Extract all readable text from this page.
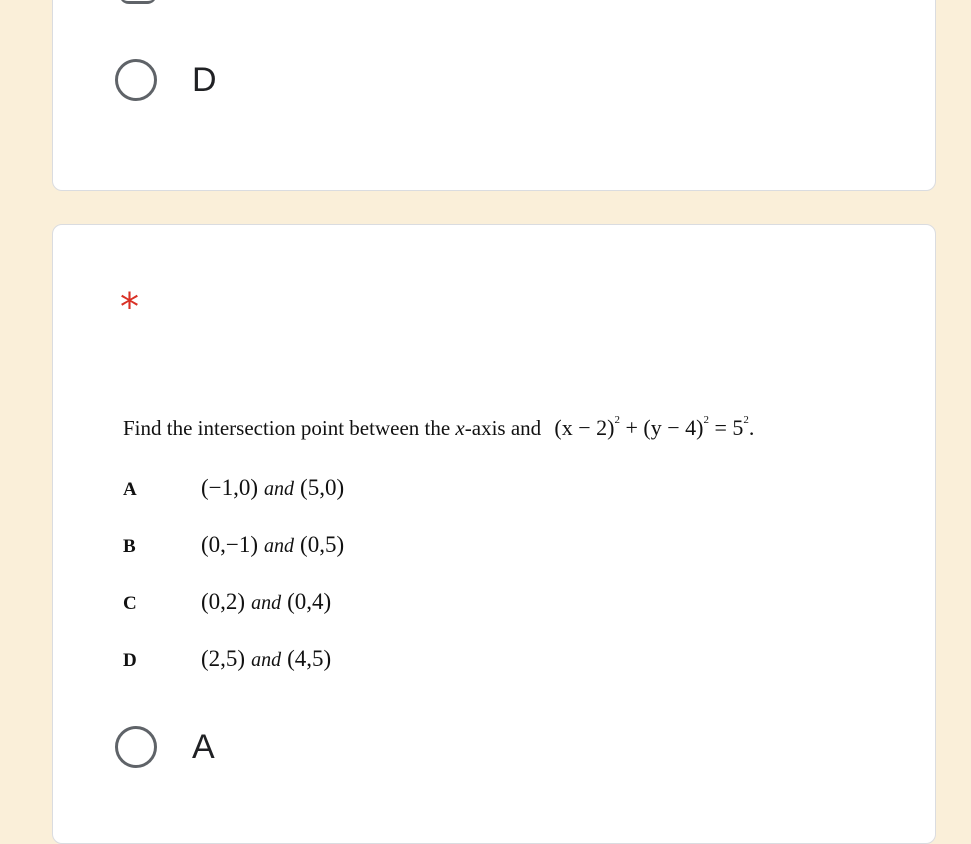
D
*
Find the intersection point between the x-axis and $(x - 2)^2 + (y - 4)^2 = 5^2$.
A	(−1,0) and (5,0)
B	(0,−1) and (0,5)
C	(0,2) and (0,4)
D	(2,5) and (4,5)
A
